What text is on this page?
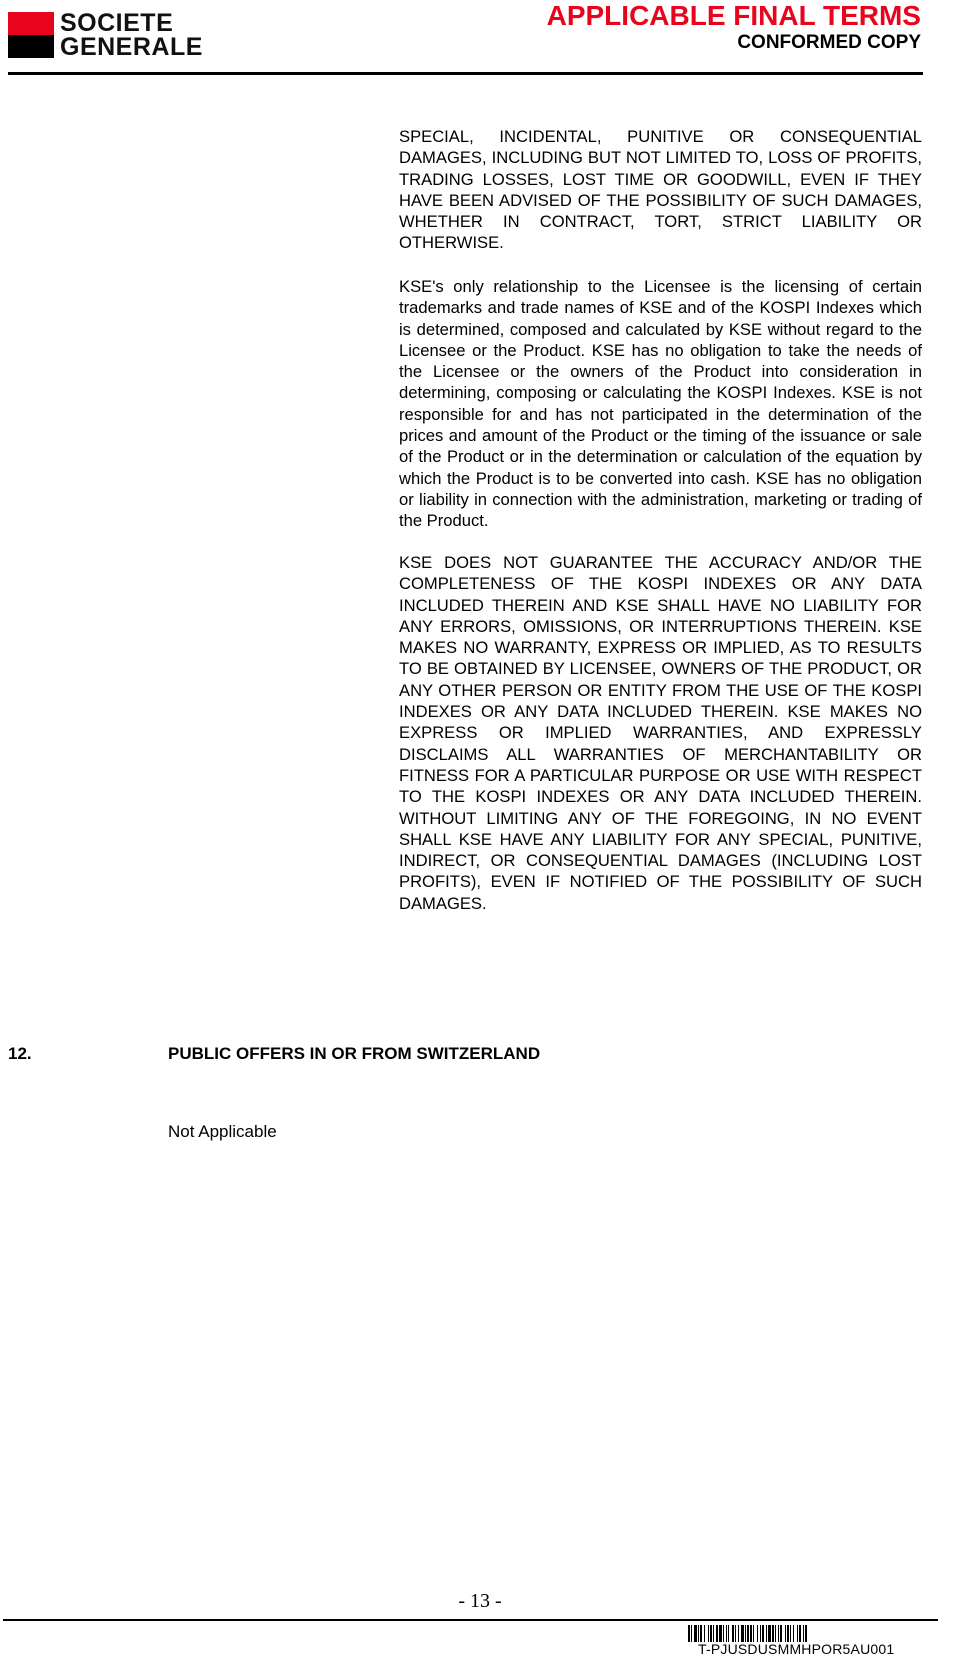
SOCIETE
GENERALE
APPLICABLE FINAL TERMS
CONFORMED COPY
SPECIAL, INCIDENTAL, PUNITIVE OR CONSEQUENTIAL DAMAGES, INCLUDING BUT NOT LIMITED TO, LOSS OF PROFITS, TRADING LOSSES, LOST TIME OR GOODWILL, EVEN IF THEY HAVE BEEN ADVISED OF THE POSSIBILITY OF SUCH DAMAGES, WHETHER IN CONTRACT, TORT, STRICT LIABILITY OR OTHERWISE.
KSE's only relationship to the Licensee is the licensing of certain trademarks and trade names of KSE and of the KOSPI Indexes which is determined, composed and calculated by KSE without regard to the Licensee or the Product. KSE has no obligation to take the needs of the Licensee or the owners of the Product into consideration in determining, composing or calculating the KOSPI Indexes. KSE is not responsible for and has not participated in the determination of the prices and amount of the Product or the timing of the issuance or sale of the Product or in the determination or calculation of the equation by which the Product is to be converted into cash. KSE has no obligation or liability in connection with the administration, marketing or trading of the Product.
KSE DOES NOT GUARANTEE THE ACCURACY AND/OR THE COMPLETENESS OF THE KOSPI INDEXES OR ANY DATA INCLUDED THEREIN AND KSE SHALL HAVE NO LIABILITY FOR ANY ERRORS, OMISSIONS, OR INTERRUPTIONS THEREIN. KSE MAKES NO WARRANTY, EXPRESS OR IMPLIED, AS TO RESULTS TO BE OBTAINED BY LICENSEE, OWNERS OF THE PRODUCT, OR ANY OTHER PERSON OR ENTITY FROM THE USE OF THE KOSPI INDEXES OR ANY DATA INCLUDED THEREIN. KSE MAKES NO EXPRESS OR IMPLIED WARRANTIES, AND EXPRESSLY DISCLAIMS ALL WARRANTIES OF MERCHANTABILITY OR FITNESS FOR A PARTICULAR PURPOSE OR USE WITH RESPECT TO THE KOSPI INDEXES OR ANY DATA INCLUDED THEREIN. WITHOUT LIMITING ANY OF THE FOREGOING, IN NO EVENT SHALL KSE HAVE ANY LIABILITY FOR ANY SPECIAL, PUNITIVE, INDIRECT, OR CONSEQUENTIAL DAMAGES (INCLUDING LOST PROFITS), EVEN IF NOTIFIED OF THE POSSIBILITY OF SUCH DAMAGES.
12.	PUBLIC OFFERS IN OR FROM SWITZERLAND
Not Applicable
- 13 -
T-PJUSDUSMMHPOR5AU001
